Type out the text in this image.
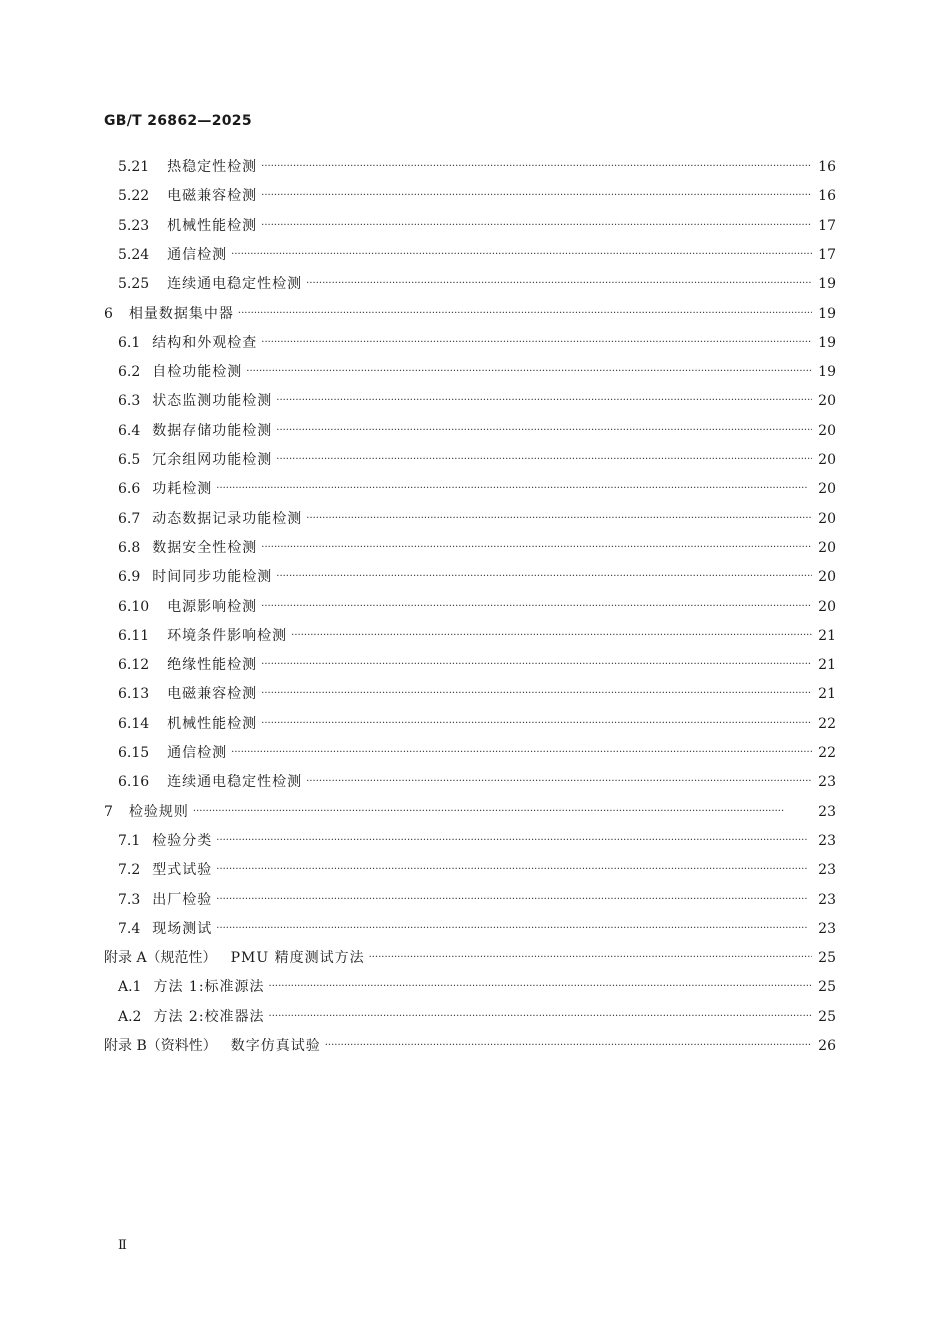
GB/T 26862—2025
5.21 热稳定性检测 ·····	16
5.22 电磁兼容检测 ·····	16
5.23 机械性能检测 ·····	17
5.24 通信检测 ·····	17
5.25 连续通电稳定性检测 ·····	19
6 相量数据集中器 ·····	19
6.1 结构和外观检查 ·····	19
6.2 自检功能检测 ·····	19
6.3 状态监测功能检测 ·····	20
6.4 数据存储功能检测 ·····	20
6.5 冗余组网功能检测 ·····	20
6.6 功耗检测 ·····	20
6.7 动态数据记录功能检测 ·····	20
6.8 数据安全性检测 ·····	20
6.9 时间同步功能检测 ·····	20
6.10 电源影响检测 ·····	20
6.11 环境条件影响检测 ·····	21
6.12 绝缘性能检测 ·····	21
6.13 电磁兼容检测 ·····	21
6.14 机械性能检测 ·····	22
6.15 通信检测 ·····	22
6.16 连续通电稳定性检测 ·····	23
7 检验规则 ·····	23
7.1 检验分类 ·····	23
7.2 型式试验 ·····	23
7.3 出厂检验 ·····	23
7.4 现场测试 ·····	23
附录 A（规范性） PMU 精度测试方法 ·····	25
A.1 方法 1:标准源法 ·····	25
A.2 方法 2:校准器法 ·····	25
附录 B（资料性） 数字仿真试验 ·····	26
Ⅱ
